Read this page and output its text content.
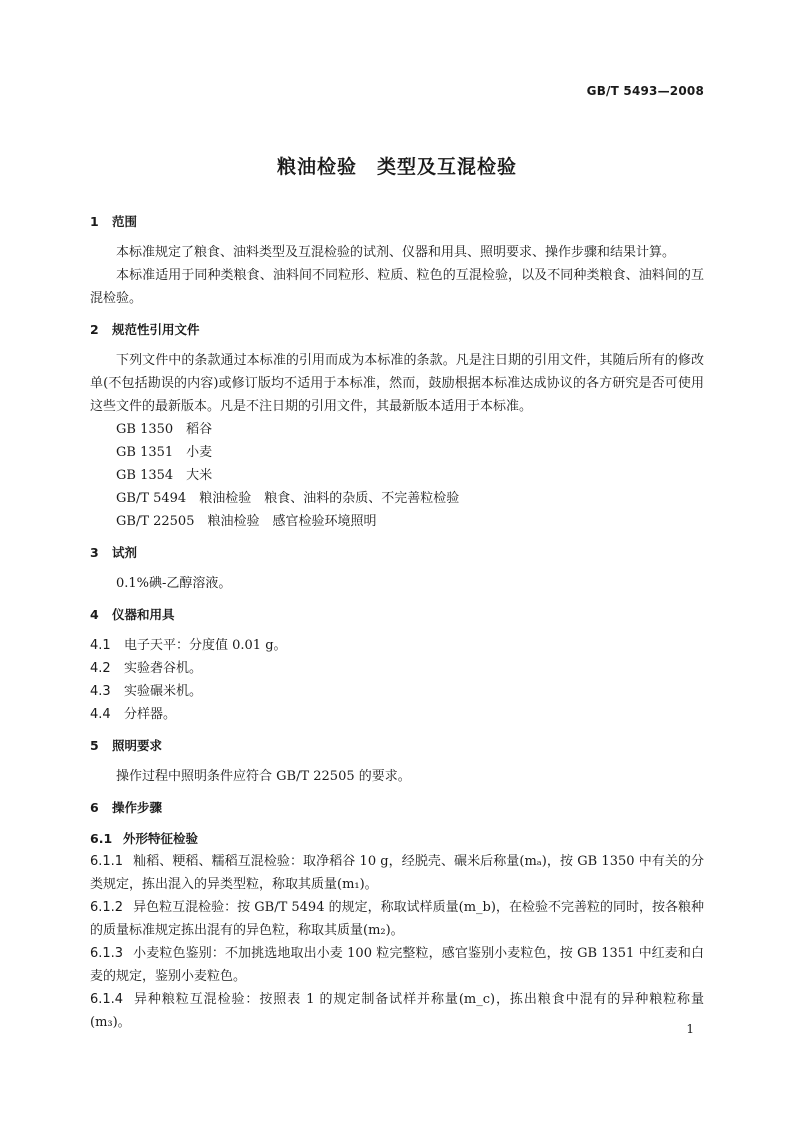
GB/T 5493—2008
粮油检验　类型及互混检验
1 范围

本标准规定了粮食、油料类型及互混检验的试剂、仪器和用具、照明要求、操作步骤和结果计算。

本标准适用于同种类粮食、油料间不同粒形、粒质、粒色的互混检验，以及不同种类粮食、油料间的互混检验。

2 规范性引用文件

下列文件中的条款通过本标准的引用而成为本标准的条款。凡是注日期的引用文件，其随后所有的修改单(不包括勘误的内容)或修订版均不适用于本标准，然而，鼓励根据本标准达成协议的各方研究是否可使用这些文件的最新版本。凡是不注日期的引用文件，其最新版本适用于本标准。

GB 1350　稻谷

GB 1351　小麦

GB 1354　大米

GB/T 5494　粮油检验　粮食、油料的杂质、不完善粒检验

GB/T 22505　粮油检验　感官检验环境照明

3 试剂

0.1%碘-乙醇溶液。

4 仪器和用具

4.1 电子天平：分度值 0.01 g。

4.2 实验砻谷机。

4.3 实验碾米机。

4.4 分样器。

5 照明要求

操作过程中照明条件应符合 GB/T 22505 的要求。

6 操作步骤
6.1 外形特征检验

6.1.1 籼稻、粳稻、糯稻互混检验：取净稻谷 10 g，经脱壳、碾米后称量(mₐ)，按 GB 1350 中有关的分类规定，拣出混入的异类型粒，称取其质量(m₁)。

6.1.2 异色粒互混检验：按 GB/T 5494 的规定，称取试样质量(m_b)，在检验不完善粒的同时，按各粮种的质量标准规定拣出混有的异色粒，称取其质量(m₂)。

6.1.3 小麦粒色鉴别：不加挑选地取出小麦 100 粒完整粒，感官鉴别小麦粒色，按 GB 1351 中红麦和白麦的规定，鉴别小麦粒色。

6.1.4 异种粮粒互混检验：按照表 1 的规定制备试样并称量(m_c)，拣出粮食中混有的异种粮粒称量(m₃)。	1
